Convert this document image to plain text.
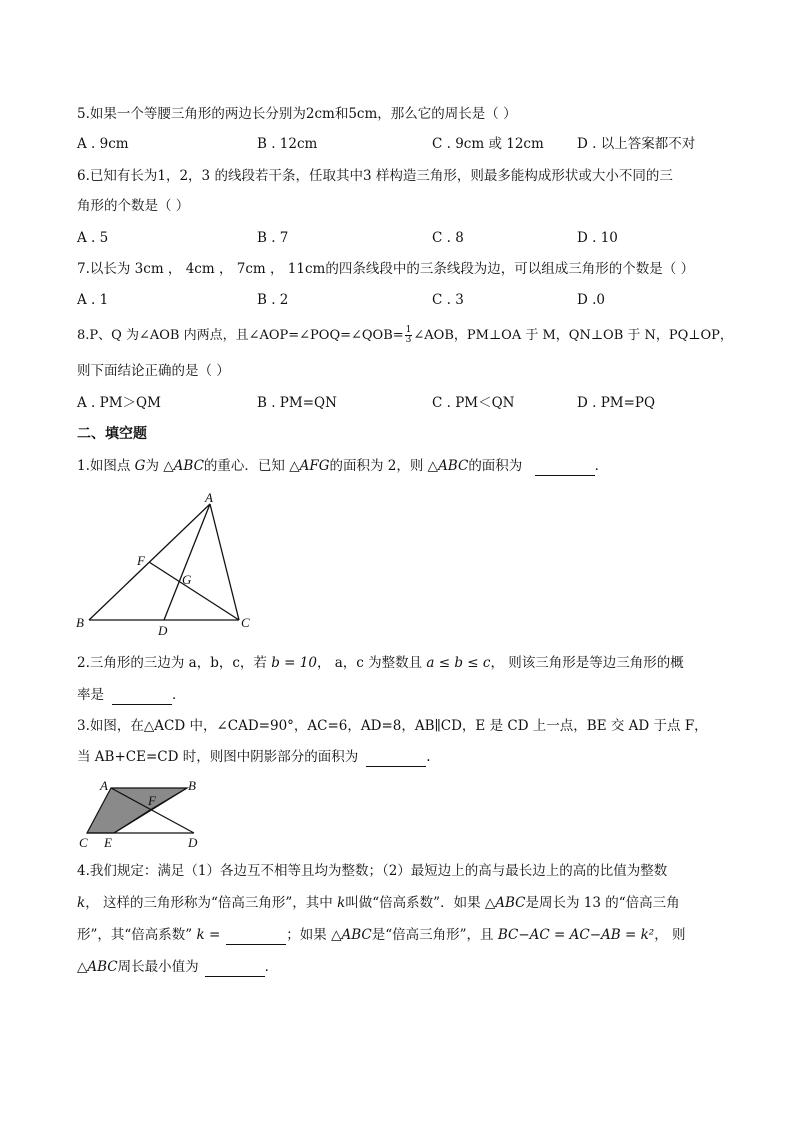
5.如果一个等腰三角形的两边长分别为2cm和5cm，那么它的周长是（ ）
A . 9cm	B . 12cm	C . 9cm 或 12cm D . 以上答案都不对
6.已知有长为1，2，3 的线段若干条，任取其中3 样构造三角形，则最多能构成形状或大小不同的三
角形的个数是（ ）
A . 5	B . 7	C . 8	D . 10
7.以长为 3cm ， 4cm ， 7cm ， 11cm的四条线段中的三条线段为边，可以组成三角形的个数是（ ）
A . 1	B . 2	C . 3	D .0
8.P、Q 为∠AOB 内两点，且∠AOP=∠POQ=∠QOB= $\frac{1}{3}$ ∠AOB，PM⊥OA 于 M，QN⊥OB 于 N，PQ⊥OP，
则下面结论正确的是（ ）
A . PM＞QM	B . PM=QN	C . PM＜QN	D . PM=PQ
二、填空题
1.如图点 G为 △ABC的重心．已知 △AFG的面积为 2，则 △ABC的面积为	．
A
B	C
D
F
G
2.三角形的三边为 a，b，c，若 b = 10， a，c 为整数且 a ≤ b ≤ c， 则该三角形是等边三角形的概
率是	．
3.如图，在△ACD 中，∠CAD=90°，AC=6，AD=8，AB∥CD，E 是 CD 上一点，BE 交 AD 于点 F，
当 AB+CE=CD 时，则图中阴影部分的面积为	.
A	B
C	D
E
F
4.我们规定：满足（1）各边互不相等且均为整数；（2）最短边上的高与最长边上的高的比值为整数
k， 这样的三角形称为“倍高三角形”，其中 k叫做“倍高系数”．如果 △ABC是周长为 13 的“倍高三角
形”，其“倍高系数” k =	；如果 △ABC是“倍高三角形”，且 BC−AC = AC−AB = k²， 则
△ABC周长最小值为	．
